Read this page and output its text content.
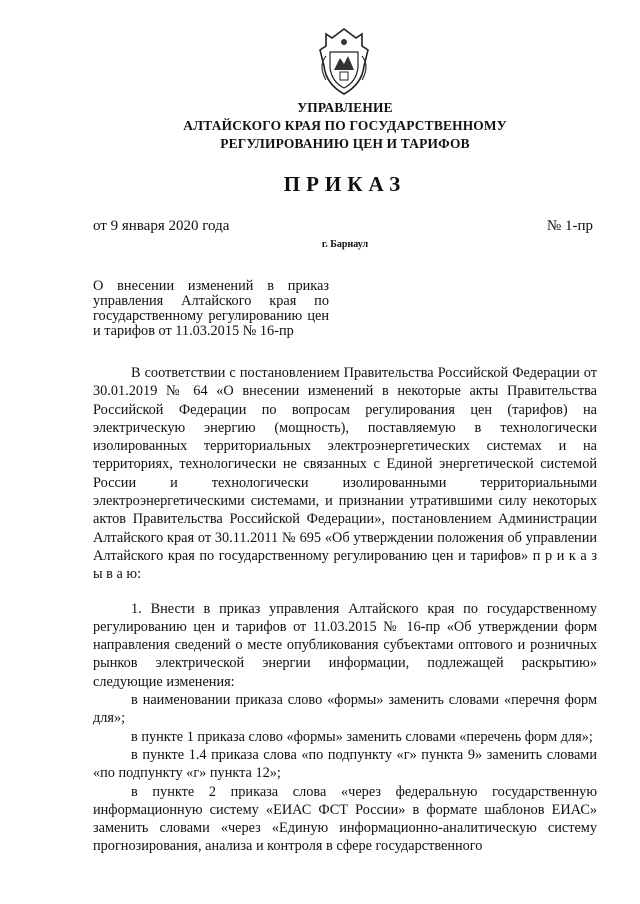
УПРАВЛЕНИЕ
АЛТАЙСКОГО КРАЯ ПО ГОСУДАРСТВЕННОМУ
РЕГУЛИРОВАНИЮ ЦЕН И ТАРИФОВ
ПРИКАЗ
от 9 января 2020 года	№ 1-пр
г. Барнаул
О внесении изменений в приказ управления Алтайского края по государственному регулированию цен и тарифов от 11.03.2015 № 16-пр

В соответствии с постановлением Правительства Российской Федерации от 30.01.2019 № 64 «О внесении изменений в некоторые акты Правительства Российской Федерации по вопросам регулирования цен (тарифов) на электрическую энергию (мощность), поставляемую в технологически изолированных территориальных электроэнергетических системах и на территориях, технологически не связанных с Единой энергетической системой России и технологически изолированными территориальными электроэнергетическими системами, и признании утратившими силу некоторых актов Правительства Российской Федерации», постановлением Администрации Алтайского края от 30.11.2011 № 695 «Об утверждении положения об управлении Алтайского края по государственному регулированию цен и тарифов» п р и к а з ы в а ю:

1. Внести в приказ управления Алтайского края по государственному регулированию цен и тарифов от 11.03.2015 № 16-пр «Об утверждении форм направления сведений о месте опубликования субъектами оптового и розничных рынков электрической энергии информации, подлежащей раскрытию» следующие изменения:

в наименовании приказа слово «формы» заменить словами «перечня форм для»;

в пункте 1 приказа слово «формы» заменить словами «перечень форм для»;

в пункте 1.4 приказа слова «по подпункту «г» пункта 9» заменить словами «по подпункту «г» пункта 12»;

в пункте 2 приказа слова «через федеральную государственную информационную систему «ЕИАС ФСТ России» в формате шаблонов ЕИАС» заменить словами «через «Единую информационно-аналитическую систему прогнозирования, анализа и контроля в сфере государственного
